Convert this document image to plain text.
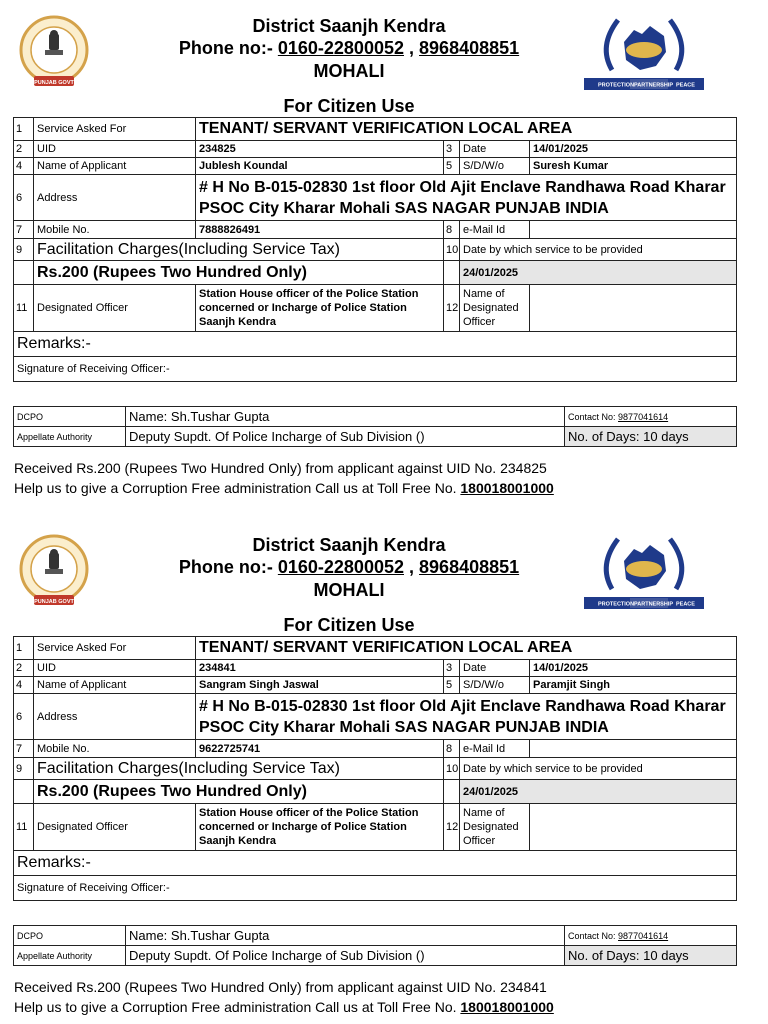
PUNJAB GOVT
District Saanjh Kendra
Phone no:- 0160-22800052 , 8968408851
MOHALI
PROTECTION PARTNERSHIP PEACE
For Citizen Use
1	Service Asked For	TENANT/ SERVANT VERIFICATION LOCAL AREA			
2	UID	234825	3	Date	14/01/2025
4	Name of Applicant	Jublesh Koundal	5	S/D/W/o	Suresh Kumar
6	Address	# H No B-015-02830 1st floor Old Ajit Enclave Randhawa Road Kharar PSOC City Kharar Mohali SAS NAGAR PUNJAB INDIA			
7	Mobile No.	7888826491	8	e-Mail Id	
9	Facilitation Charges(Including Service Tax)		10	Date by which service to be provided	
	Rs.200 (Rupees Two Hundred Only)			24/01/2025	
11	Designated Officer	Station House officer of the Police Station concerned or Incharge of Police Station Saanjh Kendra	12	Name of Designated Officer	
Remarks:-					
Signature of Receiving Officer:-					
DCPO	Name: Sh.Tushar Gupta	Contact No: 9877041614
Appellate Authority	Deputy Supdt. Of Police Incharge of Sub Division ()	No. of Days: 10 days
Received Rs.200 (Rupees Two Hundred Only) from applicant against UID No. 234825
Help us to give a Corruption Free administration Call us at Toll Free No. 180018001000
PUNJAB GOVT
District Saanjh Kendra
Phone no:- 0160-22800052 , 8968408851
MOHALI
PROTECTION PARTNERSHIP PEACE
For Citizen Use
1	Service Asked For	TENANT/ SERVANT VERIFICATION LOCAL AREA			
2	UID	234841	3	Date	14/01/2025
4	Name of Applicant	Sangram Singh Jaswal	5	S/D/W/o	Paramjit Singh
6	Address	# H No B-015-02830 1st floor Old Ajit Enclave Randhawa Road Kharar PSOC City Kharar Mohali SAS NAGAR PUNJAB INDIA			
7	Mobile No.	9622725741	8	e-Mail Id	
9	Facilitation Charges(Including Service Tax)		10	Date by which service to be provided	
	Rs.200 (Rupees Two Hundred Only)			24/01/2025	
11	Designated Officer	Station House officer of the Police Station concerned or Incharge of Police Station Saanjh Kendra	12	Name of Designated Officer	
Remarks:-					
Signature of Receiving Officer:-					
DCPO	Name: Sh.Tushar Gupta	Contact No: 9877041614
Appellate Authority	Deputy Supdt. Of Police Incharge of Sub Division ()	No. of Days: 10 days
Received Rs.200 (Rupees Two Hundred Only) from applicant against UID No. 234841
Help us to give a Corruption Free administration Call us at Toll Free No. 180018001000
